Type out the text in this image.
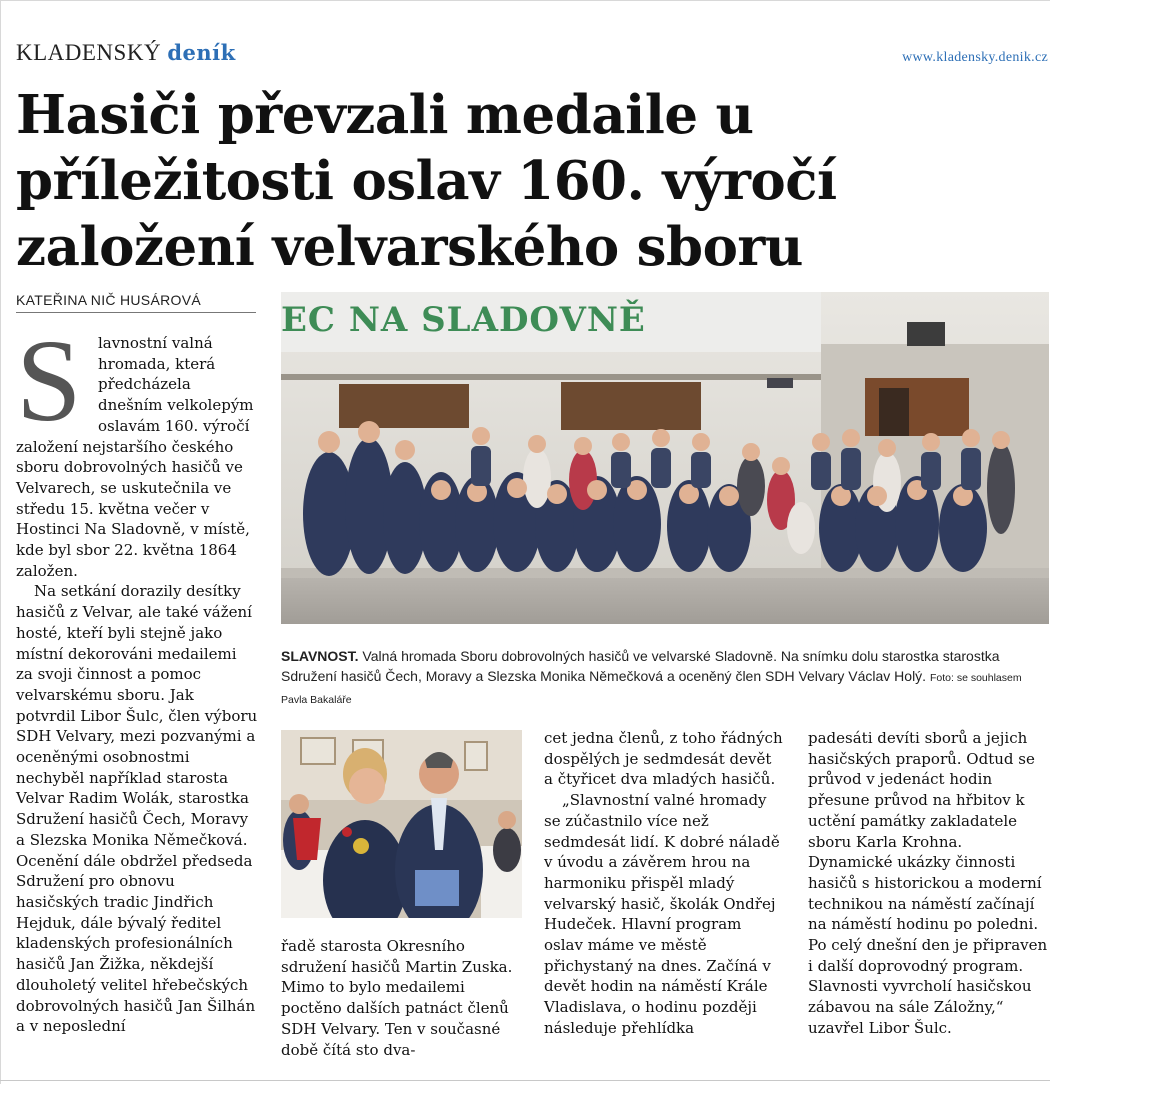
KLADENSKÝ deník	www.kladensky.denik.cz
Hasiči převzali medaile u příležitosti oslav 160. výročí založení velvarského sboru
KATEŘINA NIČ HUSÁROVÁ
S	lavnostní valná hromada, která předcházela dnešním velkolepým oslavám 160. výročí založení nejstaršího českého sboru dobrovolných hasičů ve Velvarech, se uskutečnila ve středu 15. května večer v Hostinci Na Sladovně, v místě, kde byl sbor 22. května 1864 založen.

Na setkání dorazily desítky hasičů z Velvar, ale také vážení hosté, kteří byli stejně jako místní dekorováni medailemi za svoji činnost a pomoc velvarskému sboru. Jak potvrdil Libor Šulc, člen výboru SDH Velvary, mezi pozvanými a oceněnými osobnostmi nechyběl například starosta Velvar Radim Wolák, starostka Sdružení hasičů Čech, Moravy a Slezska Monika Němečková. Ocenění dále obdržel předseda Sdružení pro obnovu hasičských tradic Jindřich Hejduk, dále bývalý ředitel kladenských profesionálních hasičů Jan Žižka, někdejší dlouholetý velitel hřebečských dobrovolných hasičů Jan Šilhán a v neposlední

EC NA SLADOVNĚ
SLAVNOST. Valná hromada Sboru dobrovolných hasičů ve velvarské Sladovně. Na snímku dolu starostka starostka Sdružení hasičů Čech, Moravy a Slezska Monika Němečková a oceněný člen SDH Velvary Václav Holý. Foto: se souhlasem Pavla Bakaláře

řadě starosta Okresního sdružení hasičů Martin Zuska. Mimo to bylo medailemi poctěno dalších patnáct členů SDH Velvary. Ten v současné době čítá sto dva-

cet jedna členů, z toho řádných dospělých je sedmdesát devět a čtyřicet dva mladých hasičů.

„Slavnostní valné hromady se zúčastnilo více než sedmdesát lidí. K dobré náladě v úvodu a závěrem hrou na harmoniku přispěl mladý velvarský hasič, školák Ondřej Hudeček. Hlavní program oslav máme ve městě přichystaný na dnes. Začíná v devět hodin na náměstí Krále Vladislava, o hodinu později následuje přehlídka

padesáti devíti sborů a jejich hasičských praporů. Odtud se průvod v jedenáct hodin přesune průvod na hřbitov k uctění památky zakladatele sboru Karla Krohna. Dynamické ukázky činnosti hasičů s historickou a moderní technikou na náměstí začínají na náměstí hodinu po poledni. Po celý dnešní den je připraven i další doprovodný program. Slavnosti vyvrcholí hasičskou zábavou na sále Záložny,“ uzavřel Libor Šulc.
